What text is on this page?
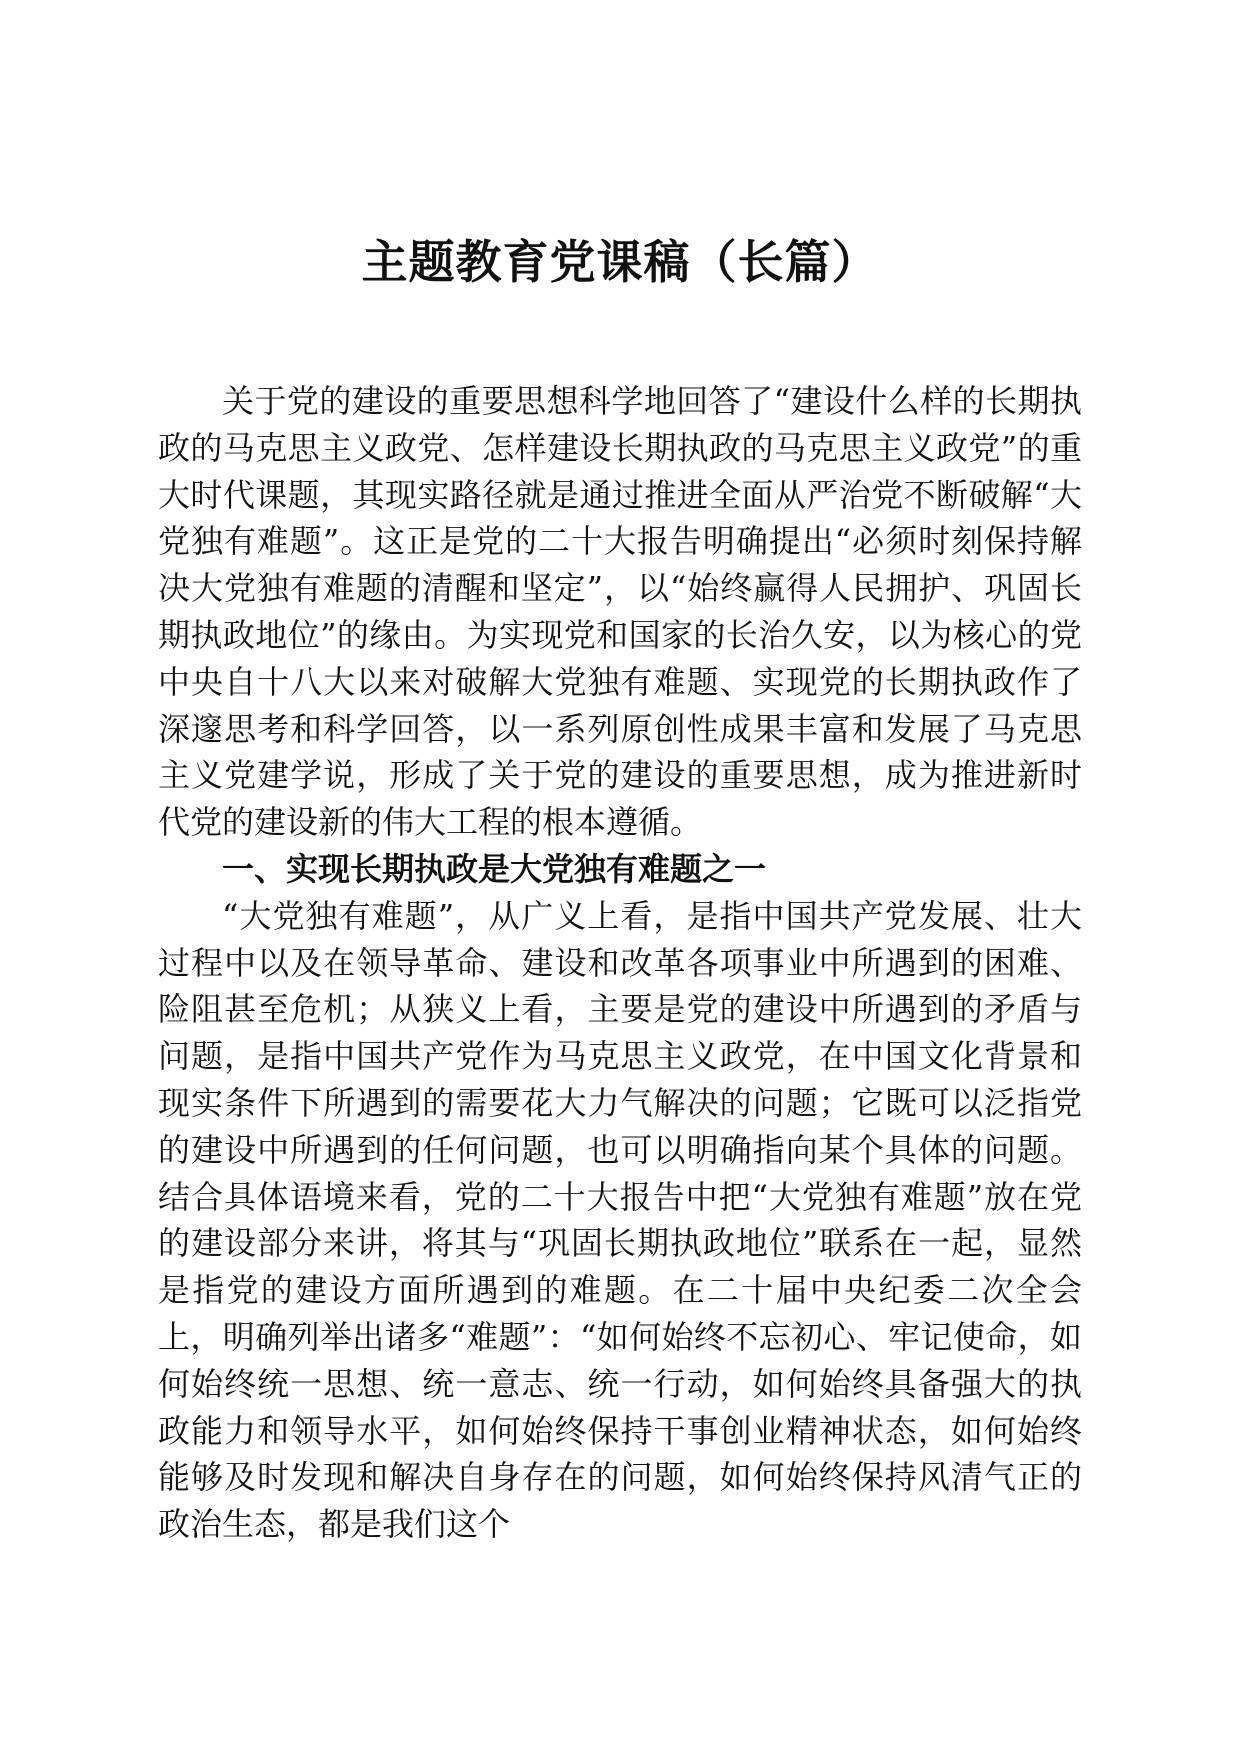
主题教育党课稿（长篇）

关于党的建设的重要思想科学地回答了“建设什么样的长期执政的马克思主义政党、怎样建设长期执政的马克思主义政党”的重大时代课题，其现实路径就是通过推进全面从严治党不断破解“大党独有难题”。这正是党的二十大报告明确提出“必须时刻保持解决大党独有难题的清醒和坚定”，以“始终赢得人民拥护、巩固长期执政地位”的缘由。为实现党和国家的长治久安，以为核心的党中央自十八大以来对破解大党独有难题、实现党的长期执政作了深邃思考和科学回答，以一系列原创性成果丰富和发展了马克思主义党建学说，形成了关于党的建设的重要思想，成为推进新时代党的建设新的伟大工程的根本遵循。

一、实现长期执政是大党独有难题之一

“大党独有难题”，从广义上看，是指中国共产党发展、壮大过程中以及在领导革命、建设和改革各项事业中所遇到的困难、险阻甚至危机；从狭义上看，主要是党的建设中所遇到的矛盾与问题，是指中国共产党作为马克思主义政党，在中国文化背景和现实条件下所遇到的需要花大力气解决的问题；它既可以泛指党的建设中所遇到的任何问题，也可以明确指向某个具体的问题。结合具体语境来看，党的二十大报告中把“大党独有难题”放在党的建设部分来讲，将其与“巩固长期执政地位”联系在一起，显然是指党的建设方面所遇到的难题。在二十届中央纪委二次全会上，明确列举出诸多“难题”：“如何始终不忘初心、牢记使命，如何始终统一思想、统一意志、统一行动，如何始终具备强大的执政能力和领导水平，如何始终保持干事创业精神状态，如何始终能够及时发现和解决自身存在的问题，如何始终保持风清气正的政治生态，都是我们这个
